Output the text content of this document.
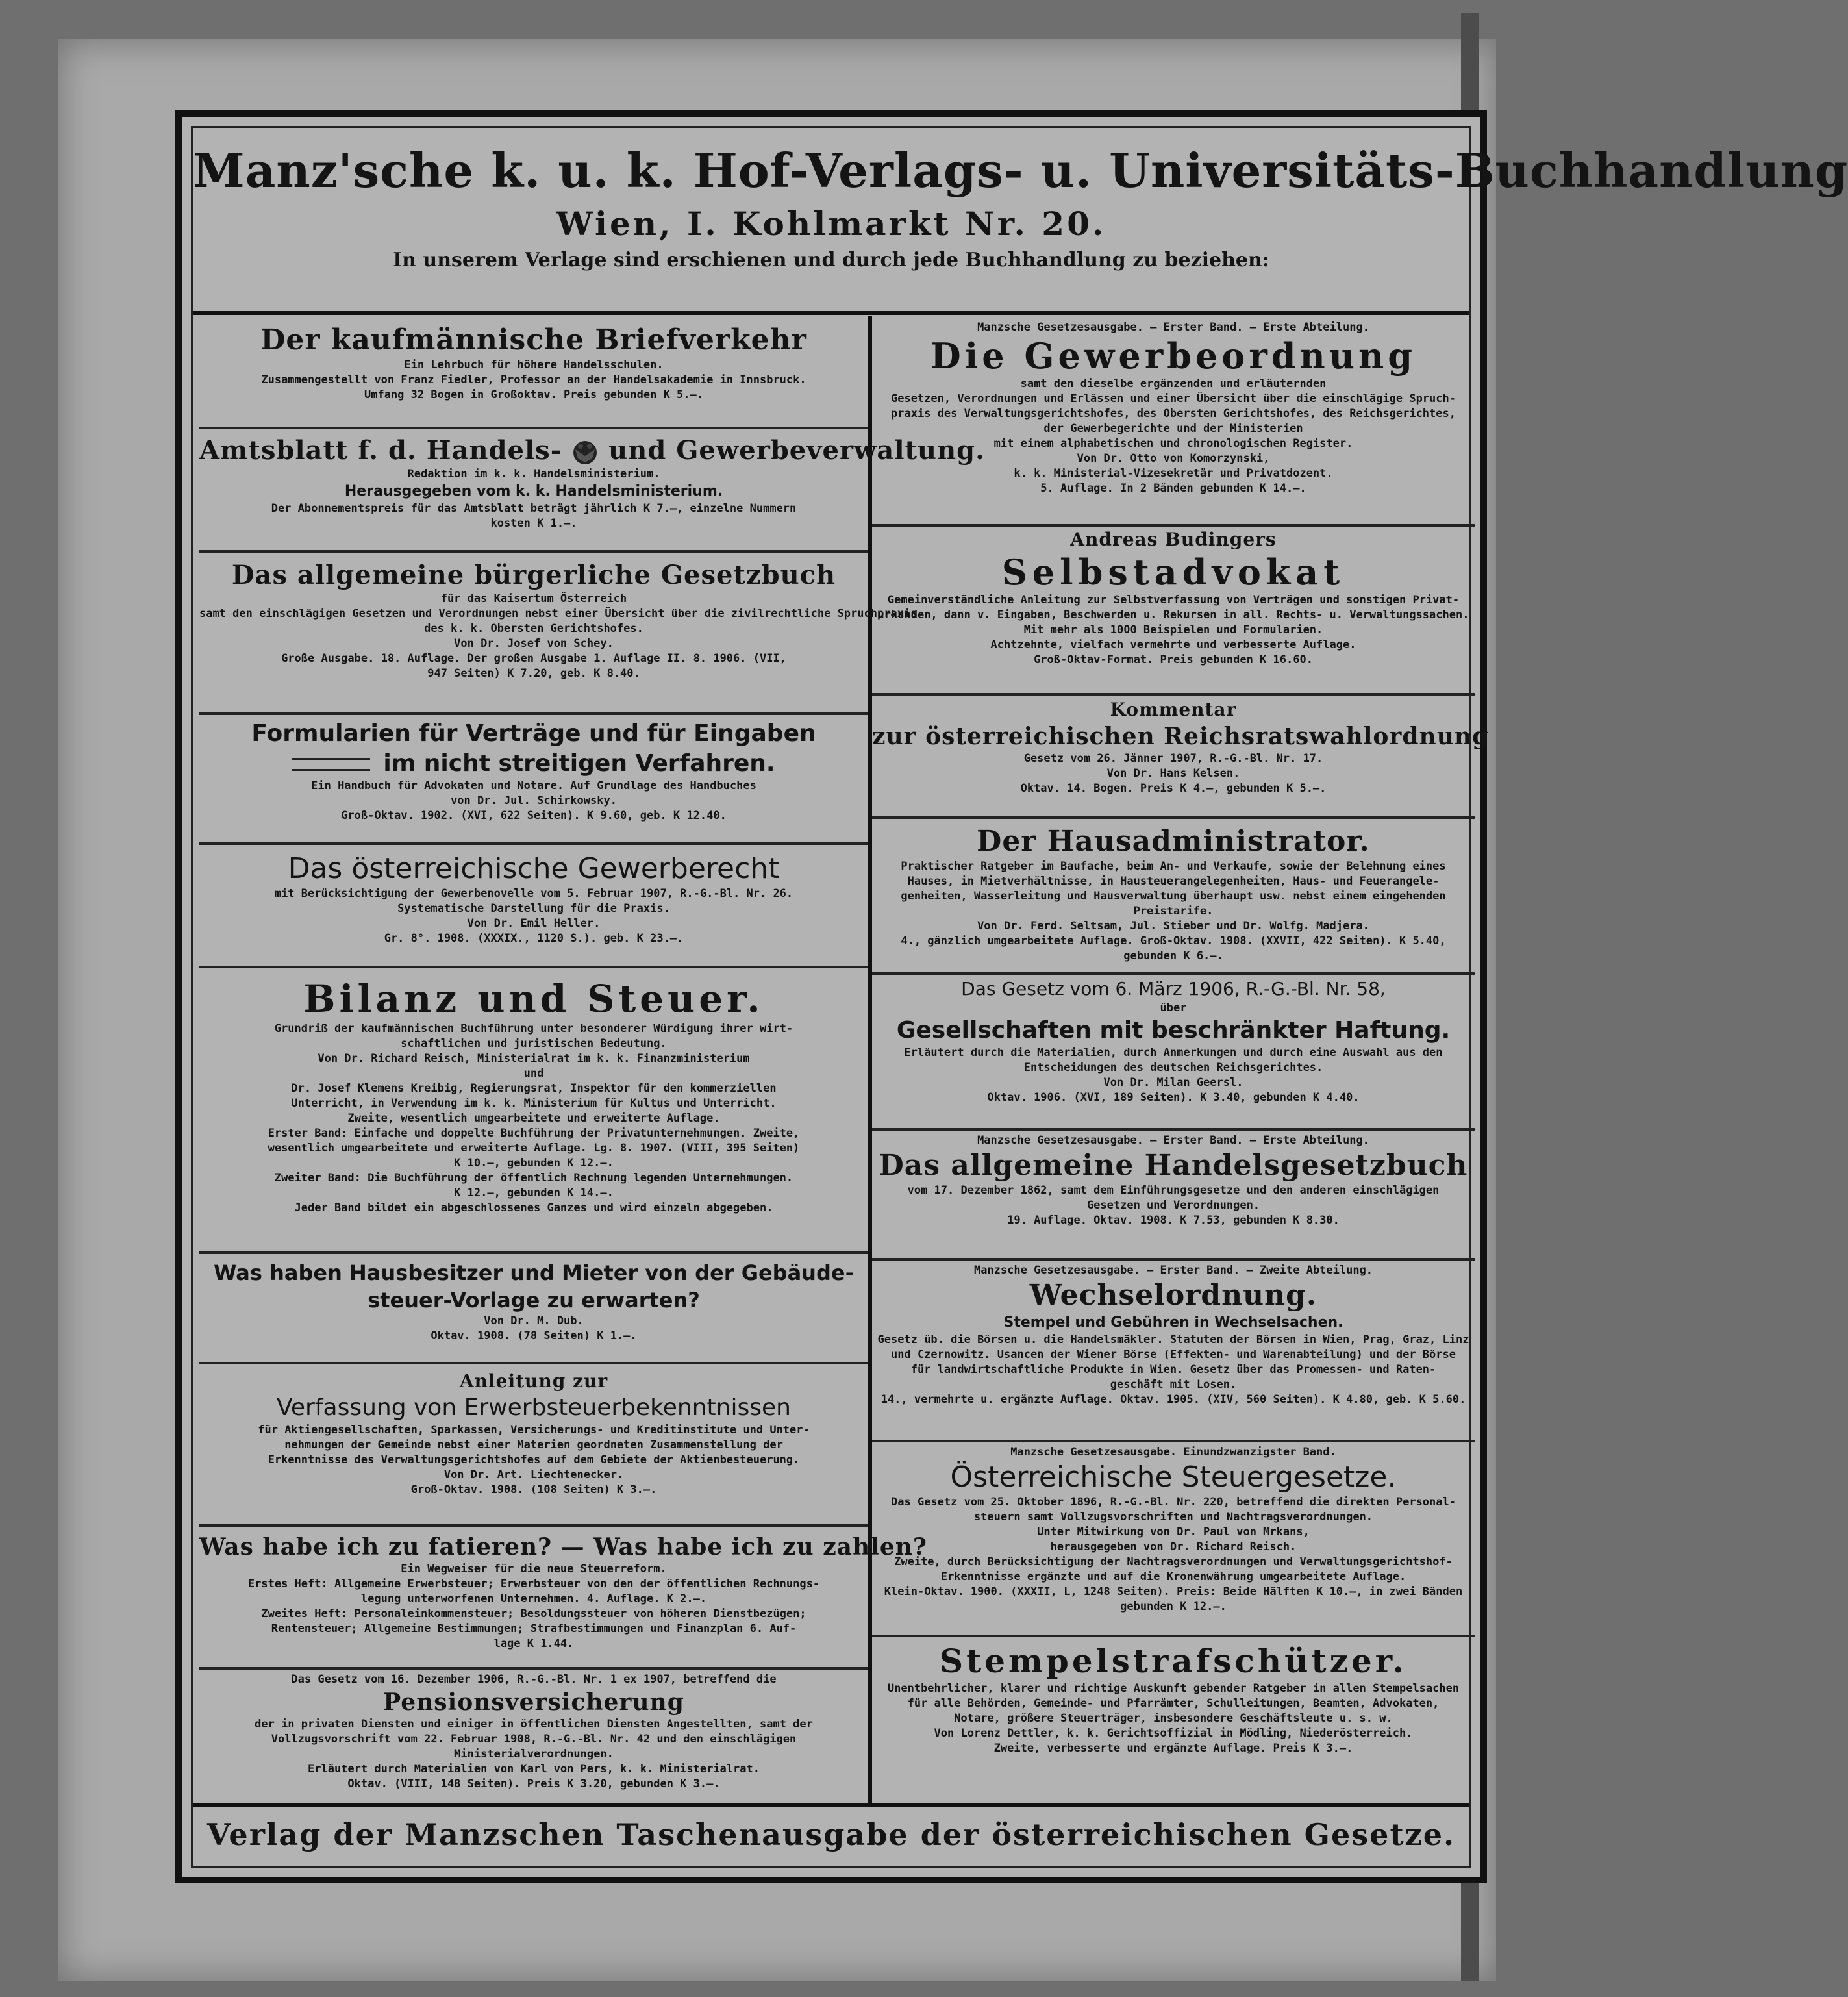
Manz'sche k. u. k. Hof-Verlags- u. Universitäts-Buchhandlung
Wien, I. Kohlmarkt Nr. 20.
In unserem Verlage sind erschienen und durch jede Buchhandlung zu beziehen:
Der kaufmännische Briefverkehr
Ein Lehrbuch für höhere Handelsschulen.
Zusammengestellt von Franz Fiedler, Professor an der Handelsakademie in Innsbruck.
Umfang 32 Bogen in Großoktav. Preis gebunden K 5.—.
Amtsblatt f. d. Handels- und Gewerbeverwaltung.
Redaktion im k. k. Handelsministerium.
Herausgegeben vom k. k. Handelsministerium.
Der Abonnementspreis für das Amtsblatt beträgt jährlich K 7.—, einzelne Nummern
kosten K 1.—.
Das allgemeine bürgerliche Gesetzbuch
für das Kaisertum Österreich
samt den einschlägigen Gesetzen und Verordnungen nebst einer Übersicht über die zivilrechtliche Spruchpraxis
des k. k. Obersten Gerichtshofes.
Von Dr. Josef von Schey.
Große Ausgabe. 18. Auflage. Der großen Ausgabe 1. Auflage II. 8. 1906. (VII,
947 Seiten) K 7.20, geb. K 8.40.
Formularien für Verträge und für Eingaben
im nicht streitigen Verfahren.
Ein Handbuch für Advokaten und Notare. Auf Grundlage des Handbuches
von Dr. Jul. Schirkowsky.
Groß-Oktav. 1902. (XVI, 622 Seiten). K 9.60, geb. K 12.40.
Das österreichische Gewerberecht
mit Berücksichtigung der Gewerbenovelle vom 5. Februar 1907, R.-G.-Bl. Nr. 26.
Systematische Darstellung für die Praxis.
Von Dr. Emil Heller.
Gr. 8°. 1908. (XXXIX., 1120 S.). geb. K 23.—.
Bilanz und Steuer.
Grundriß der kaufmännischen Buchführung unter besonderer Würdigung ihrer wirt-
schaftlichen und juristischen Bedeutung.
Von Dr. Richard Reisch, Ministerialrat im k. k. Finanzministerium
und
Dr. Josef Klemens Kreibig, Regierungsrat, Inspektor für den kommerziellen
Unterricht, in Verwendung im k. k. Ministerium für Kultus und Unterricht.
Zweite, wesentlich umgearbeitete und erweiterte Auflage.
Erster Band: Einfache und doppelte Buchführung der Privatunternehmungen. Zweite,
wesentlich umgearbeitete und erweiterte Auflage. Lg. 8. 1907. (VIII, 395 Seiten)
K 10.—, gebunden K 12.—.
Zweiter Band: Die Buchführung der öffentlich Rechnung legenden Unternehmungen.
K 12.—, gebunden K 14.—.
Jeder Band bildet ein abgeschlossenes Ganzes und wird einzeln abgegeben.
Was haben Hausbesitzer und Mieter von der Gebäude-
steuer-Vorlage zu erwarten?
Von Dr. M. Dub.
Oktav. 1908. (78 Seiten) K 1.—.
Anleitung zur
Verfassung von Erwerbsteuerbekenntnissen
für Aktiengesellschaften, Sparkassen, Versicherungs- und Kreditinstitute und Unter-
nehmungen der Gemeinde nebst einer Materien geordneten Zusammenstellung der
Erkenntnisse des Verwaltungsgerichtshofes auf dem Gebiete der Aktienbesteuerung.
Von Dr. Art. Liechtenecker.
Groß-Oktav. 1908. (108 Seiten) K 3.—.
Was habe ich zu fatieren? — Was habe ich zu zahlen?
Ein Wegweiser für die neue Steuerreform.
Erstes Heft: Allgemeine Erwerbsteuer; Erwerbsteuer von den der öffentlichen Rechnungs-
legung unterworfenen Unternehmen. 4. Auflage. K 2.—.
Zweites Heft: Personaleinkommensteuer; Besoldungssteuer von höheren Dienstbezügen;
Rentensteuer; Allgemeine Bestimmungen; Strafbestimmungen und Finanzplan 6. Auf-
lage K 1.44.
Das Gesetz vom 16. Dezember 1906, R.-G.-Bl. Nr. 1 ex 1907, betreffend die
Pensionsversicherung
der in privaten Diensten und einiger in öffentlichen Diensten Angestellten, samt der
Vollzugsvorschrift vom 22. Februar 1908, R.-G.-Bl. Nr. 42 und den einschlägigen
Ministerialverordnungen.
Erläutert durch Materialien von Karl von Pers, k. k. Ministerialrat.
Oktav. (VIII, 148 Seiten). Preis K 3.20, gebunden K 3.—.
Manzsche Gesetzesausgabe. — Erster Band. — Erste Abteilung.
Die Gewerbeordnung
samt den dieselbe ergänzenden und erläuternden
Gesetzen, Verordnungen und Erlässen und einer Übersicht über die einschlägige Spruch-
praxis des Verwaltungsgerichtshofes, des Obersten Gerichtshofes, des Reichsgerichtes,
der Gewerbegerichte und der Ministerien
mit einem alphabetischen und chronologischen Register.
Von Dr. Otto von Komorzynski,
k. k. Ministerial-Vizesekretär und Privatdozent.
5. Auflage. In 2 Bänden gebunden K 14.—.
Andreas Budingers
Selbstadvokat
Gemeinverständliche Anleitung zur Selbstverfassung von Verträgen und sonstigen Privat-
urkunden, dann v. Eingaben, Beschwerden u. Rekursen in all. Rechts- u. Verwaltungssachen.
Mit mehr als 1000 Beispielen und Formularien.
Achtzehnte, vielfach vermehrte und verbesserte Auflage.
Groß-Oktav-Format. Preis gebunden K 16.60.
Kommentar
zur österreichischen Reichsratswahlordnung
Gesetz vom 26. Jänner 1907, R.-G.-Bl. Nr. 17.
Von Dr. Hans Kelsen.
Oktav. 14. Bogen. Preis K 4.—, gebunden K 5.—.
Der Hausadministrator.
Praktischer Ratgeber im Baufache, beim An- und Verkaufe, sowie der Belehnung eines
Hauses, in Mietverhältnisse, in Hausteuerangelegenheiten, Haus- und Feuerangele-
genheiten, Wasserleitung und Hausverwaltung überhaupt usw. nebst einem eingehenden
Preistarife.
Von Dr. Ferd. Seltsam, Jul. Stieber und Dr. Wolfg. Madjera.
4., gänzlich umgearbeitete Auflage. Groß-Oktav. 1908. (XXVII, 422 Seiten). K 5.40,
gebunden K 6.—.
Das Gesetz vom 6. März 1906, R.-G.-Bl. Nr. 58,
über
Gesellschaften mit beschränkter Haftung.
Erläutert durch die Materialien, durch Anmerkungen und durch eine Auswahl aus den
Entscheidungen des deutschen Reichsgerichtes.
Von Dr. Milan Geersl.
Oktav. 1906. (XVI, 189 Seiten). K 3.40, gebunden K 4.40.
Manzsche Gesetzesausgabe. — Erster Band. — Erste Abteilung.
Das allgemeine Handelsgesetzbuch
vom 17. Dezember 1862, samt dem Einführungsgesetze und den anderen einschlägigen
Gesetzen und Verordnungen.
19. Auflage. Oktav. 1908. K 7.53, gebunden K 8.30.
Manzsche Gesetzesausgabe. — Erster Band. — Zweite Abteilung.
Wechselordnung.
Stempel und Gebühren in Wechselsachen.
Gesetz üb. die Börsen u. die Handelsmäkler. Statuten der Börsen in Wien, Prag, Graz, Linz
und Czernowitz. Usancen der Wiener Börse (Effekten- und Warenabteilung) und der Börse
für landwirtschaftliche Produkte in Wien. Gesetz über das Promessen- und Raten-
geschäft mit Losen.
14., vermehrte u. ergänzte Auflage. Oktav. 1905. (XIV, 560 Seiten). K 4.80, geb. K 5.60.
Manzsche Gesetzesausgabe. Einundzwanzigster Band.
Österreichische Steuergesetze.
Das Gesetz vom 25. Oktober 1896, R.-G.-Bl. Nr. 220, betreffend die direkten Personal-
steuern samt Vollzugsvorschriften und Nachtragsverordnungen.
Unter Mitwirkung von Dr. Paul von Mrkans,
herausgegeben von Dr. Richard Reisch.
Zweite, durch Berücksichtigung der Nachtragsverordnungen und Verwaltungsgerichtshof-
Erkenntnisse ergänzte und auf die Kronenwährung umgearbeitete Auflage.
Klein-Oktav. 1900. (XXXII, L, 1248 Seiten). Preis: Beide Hälften K 10.—, in zwei Bänden
gebunden K 12.—.
Stempelstrafschützer.
Unentbehrlicher, klarer und richtige Auskunft gebender Ratgeber in allen Stempelsachen
für alle Behörden, Gemeinde- und Pfarrämter, Schulleitungen, Beamten, Advokaten,
Notare, größere Steuerträger, insbesondere Geschäftsleute u. s. w.
Von Lorenz Dettler, k. k. Gerichtsoffizial in Mödling, Niederösterreich.
Zweite, verbesserte und ergänzte Auflage. Preis K 3.—.
Verlag der Manzschen Taschenausgabe der österreichischen Gesetze.
